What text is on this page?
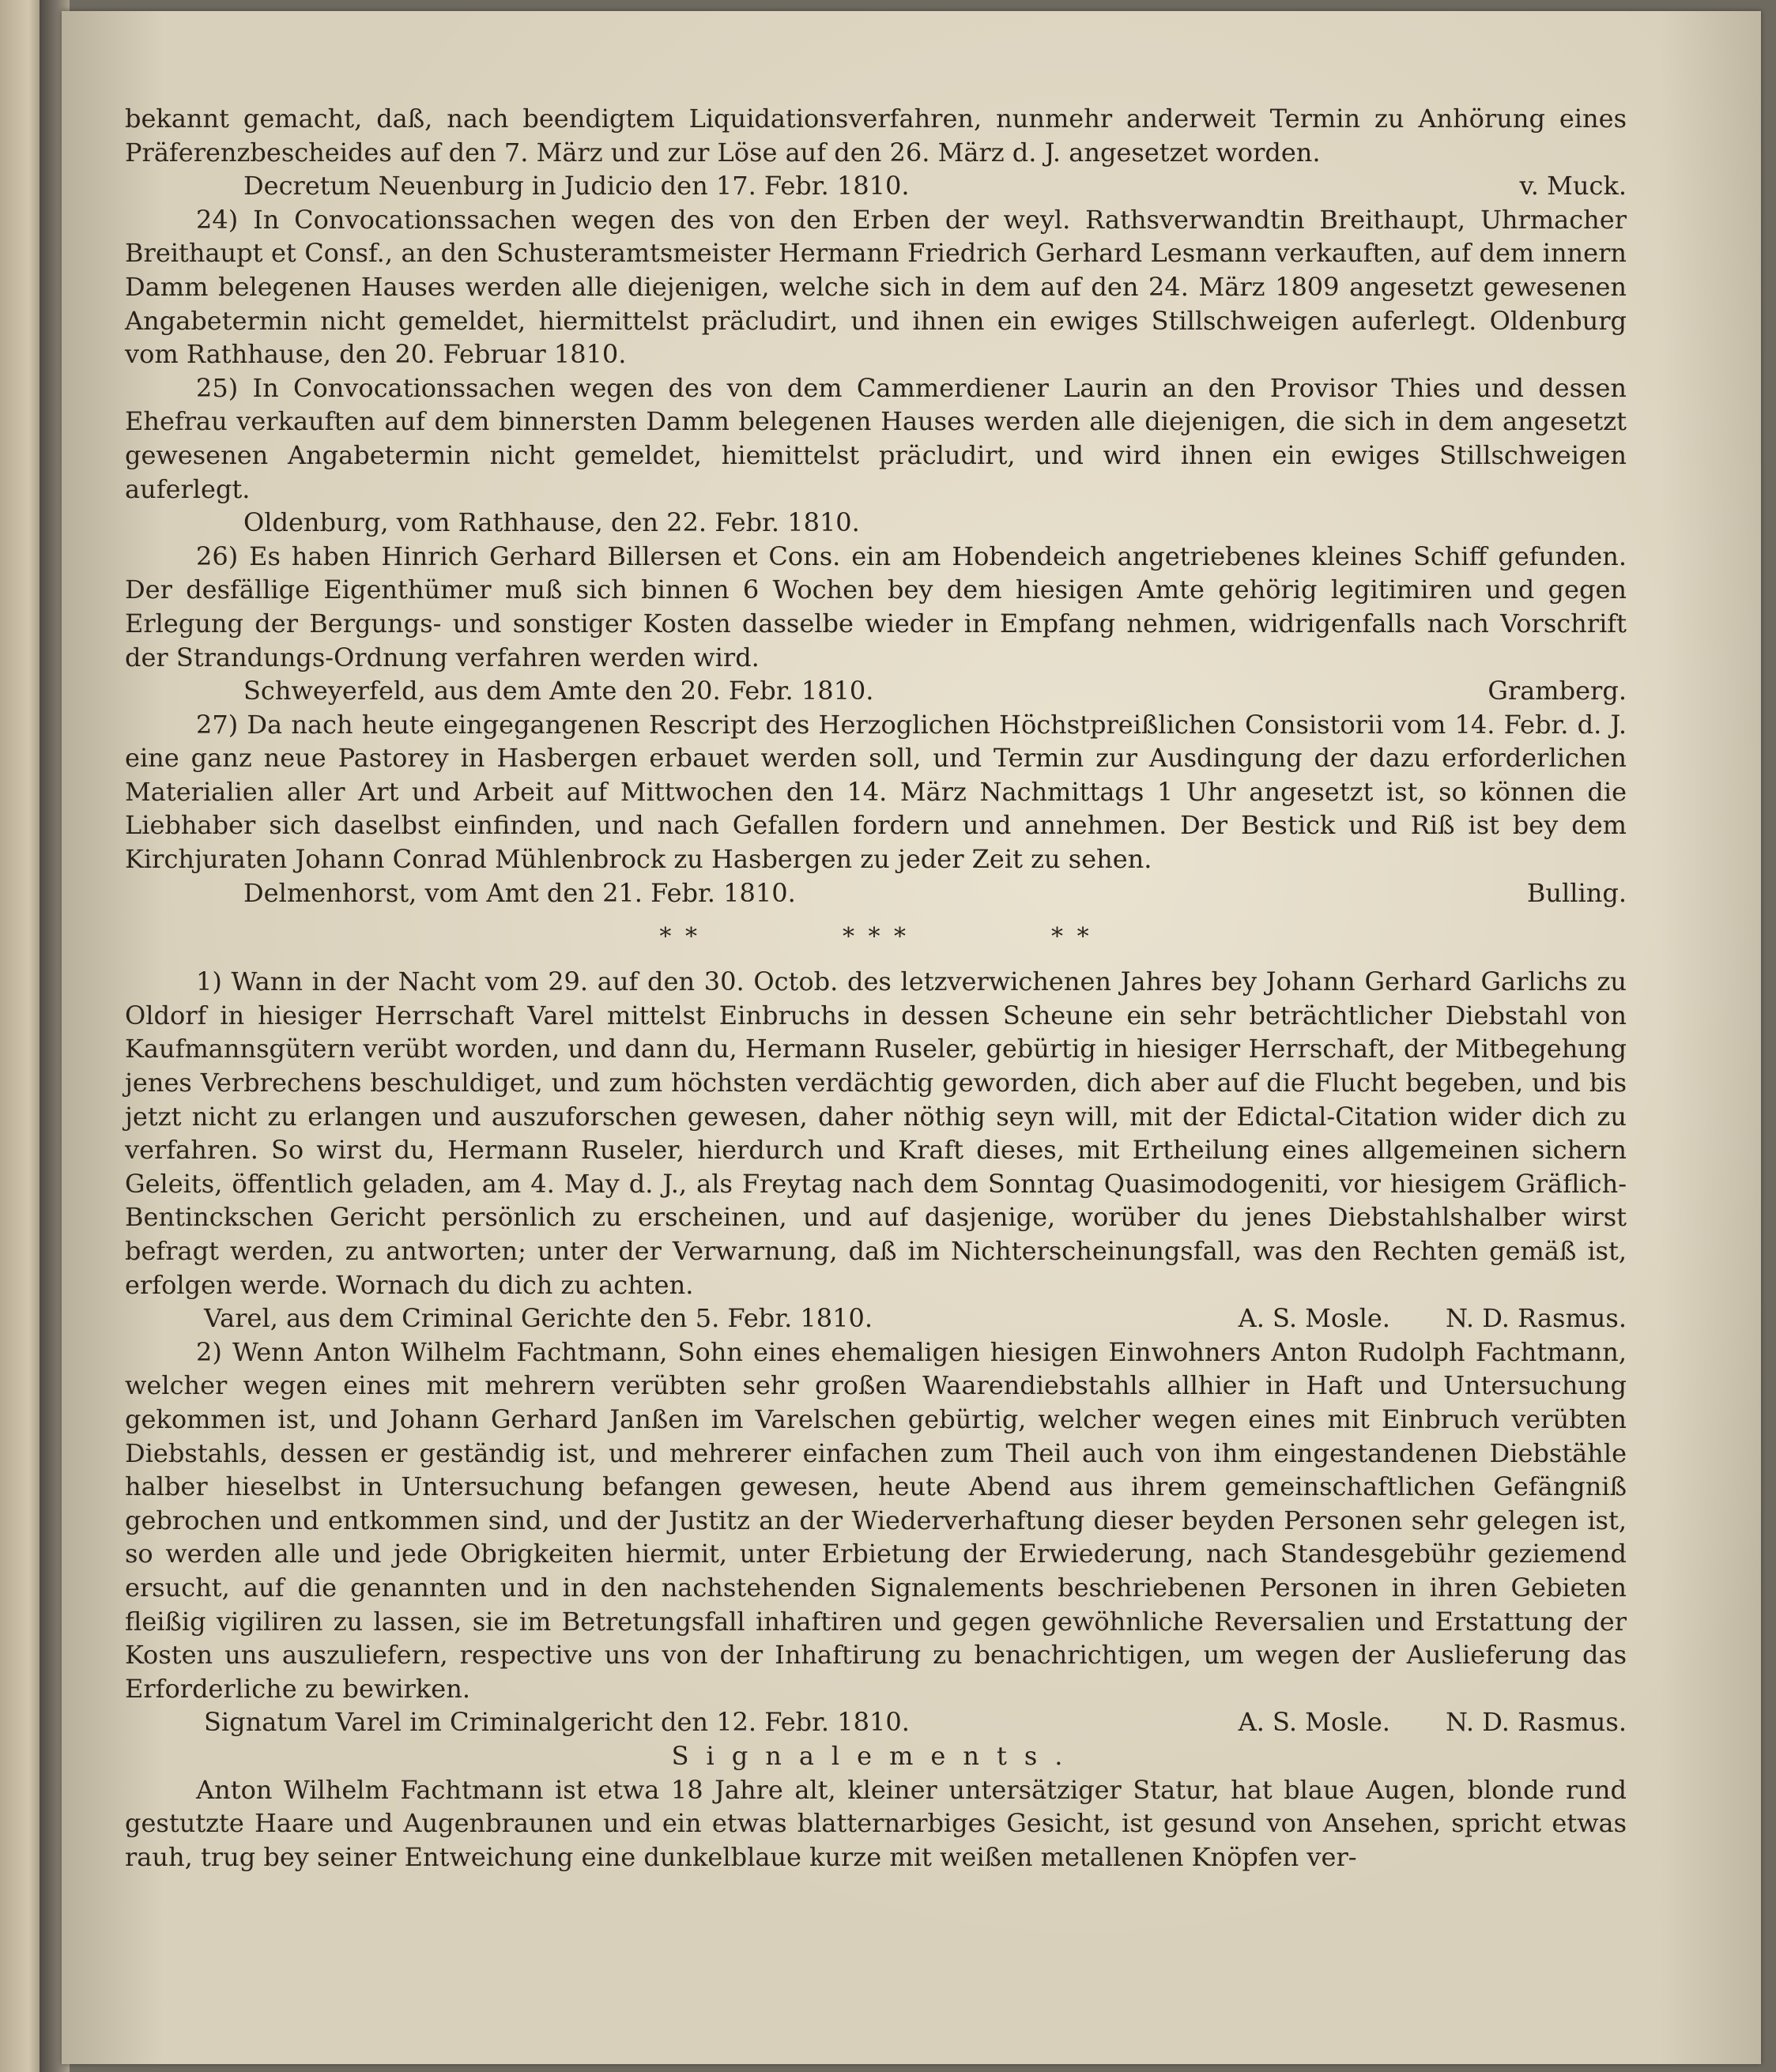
bekannt gemacht, daß, nach beendigtem Liquidationsverfahren, nunmehr anderweit Termin zu Anhörung eines Präferenzbescheides auf den 7. März und zur Löse auf den 26. März d. J. angesetzet worden.

Decretum Neuenburg in Judicio den 17. Febr. 1810.	v. Muck.

24) In Convocationssachen wegen des von den Erben der weyl. Rathsverwandtin Breithaupt, Uhrmacher Breithaupt et Consf., an den Schusteramtsmeister Hermann Friedrich Gerhard Lesmann verkauften, auf dem innern Damm belegenen Hauses werden alle diejenigen, welche sich in dem auf den 24. März 1809 angesetzt gewesenen Angabetermin nicht gemeldet, hiermittelst präcludirt, und ihnen ein ewiges Stillschweigen auferlegt. Oldenburg vom Rathhause, den 20. Februar 1810.

25) In Convocationssachen wegen des von dem Cammerdiener Laurin an den Provisor Thies und dessen Ehefrau verkauften auf dem binnersten Damm belegenen Hauses werden alle diejenigen, die sich in dem angesetzt gewesenen Angabetermin nicht gemeldet, hiemittelst präcludirt, und wird ihnen ein ewiges Stillschweigen auferlegt.

Oldenburg, vom Rathhause, den 22. Febr. 1810.

26) Es haben Hinrich Gerhard Billersen et Cons. ein am Hobendeich angetriebenes kleines Schiff gefunden. Der desfällige Eigenthümer muß sich binnen 6 Wochen bey dem hiesigen Amte gehörig legitimiren und gegen Erlegung der Bergungs- und sonstiger Kosten dasselbe wieder in Empfang nehmen, widrigenfalls nach Vorschrift der Strandungs-Ordnung verfahren werden wird.

Schweyerfeld, aus dem Amte den 20. Febr. 1810.	Gramberg.

27) Da nach heute eingegangenen Rescript des Herzoglichen Höchstpreißlichen Consistorii vom 14. Febr. d. J. eine ganz neue Pastorey in Hasbergen erbauet werden soll, und Termin zur Ausdingung der dazu erforderlichen Materialien aller Art und Arbeit auf Mittwochen den 14. März Nachmittags 1 Uhr angesetzt ist, so können die Liebhaber sich daselbst einfinden, und nach Gefallen fordern und annehmen. Der Bestick und Riß ist bey dem Kirchjuraten Johann Conrad Mühlenbrock zu Hasbergen zu jeder Zeit zu sehen.

Delmenhorst, vom Amt den 21. Febr. 1810.	Bulling.
* *	* * *	* *

1) Wann in der Nacht vom 29. auf den 30. Octob. des letzverwichenen Jahres bey Johann Gerhard Garlichs zu Oldorf in hiesiger Herrschaft Varel mittelst Einbruchs in dessen Scheune ein sehr beträchtlicher Diebstahl von Kaufmannsgütern verübt worden, und dann du, Hermann Ruseler, gebürtig in hiesiger Herrschaft, der Mitbegehung jenes Verbrechens beschuldiget, und zum höchsten verdächtig geworden, dich aber auf die Flucht begeben, und bis jetzt nicht zu erlangen und auszuforschen gewesen, daher nöthig seyn will, mit der Edictal-Citation wider dich zu verfahren. So wirst du, Hermann Ruseler, hierdurch und Kraft dieses, mit Ertheilung eines allgemeinen sichern Geleits, öffentlich geladen, am 4. May d. J., als Freytag nach dem Sonntag Quasimodogeniti, vor hiesigem Gräflich-Bentinckschen Gericht persönlich zu erscheinen, und auf dasjenige, worüber du jenes Diebstahlshalber wirst befragt werden, zu antworten; unter der Verwarnung, daß im Nichterscheinungsfall, was den Rechten gemäß ist, erfolgen werde. Wornach du dich zu achten.

Varel, aus dem Criminal Gerichte den 5. Febr. 1810.	A. S. Mosle. N. D. Rasmus.

2) Wenn Anton Wilhelm Fachtmann, Sohn eines ehemaligen hiesigen Einwohners Anton Rudolph Fachtmann, welcher wegen eines mit mehrern verübten sehr großen Waarendiebstahls allhier in Haft und Untersuchung gekommen ist, und Johann Gerhard Janßen im Varelschen gebürtig, welcher wegen eines mit Einbruch verübten Diebstahls, dessen er geständig ist, und mehrerer einfachen zum Theil auch von ihm eingestandenen Diebstähle halber hieselbst in Untersuchung befangen gewesen, heute Abend aus ihrem gemeinschaftlichen Gefängniß gebrochen und entkommen sind, und der Justitz an der Wiederverhaftung dieser beyden Personen sehr gelegen ist, so werden alle und jede Obrigkeiten hiermit, unter Erbietung der Erwiederung, nach Standesgebühr geziemend ersucht, auf die genannten und in den nachstehenden Signalements beschriebenen Personen in ihren Gebieten fleißig vigiliren zu lassen, sie im Betretungsfall inhaftiren und gegen gewöhnliche Reversalien und Erstattung der Kosten uns auszuliefern, respective uns von der Inhaftirung zu benachrichtigen, um wegen der Auslieferung das Erforderliche zu bewirken.

Signatum Varel im Criminalgericht den 12. Febr. 1810.	A. S. Mosle. N. D. Rasmus.

Signalements.

Anton Wilhelm Fachtmann ist etwa 18 Jahre alt, kleiner untersätziger Statur, hat blaue Augen, blonde rund gestutzte Haare und Augenbraunen und ein etwas blatternarbiges Gesicht, ist gesund von Ansehen, spricht etwas rauh, trug bey seiner Entweichung eine dunkelblaue kurze mit weißen metallenen Knöpfen ver-
